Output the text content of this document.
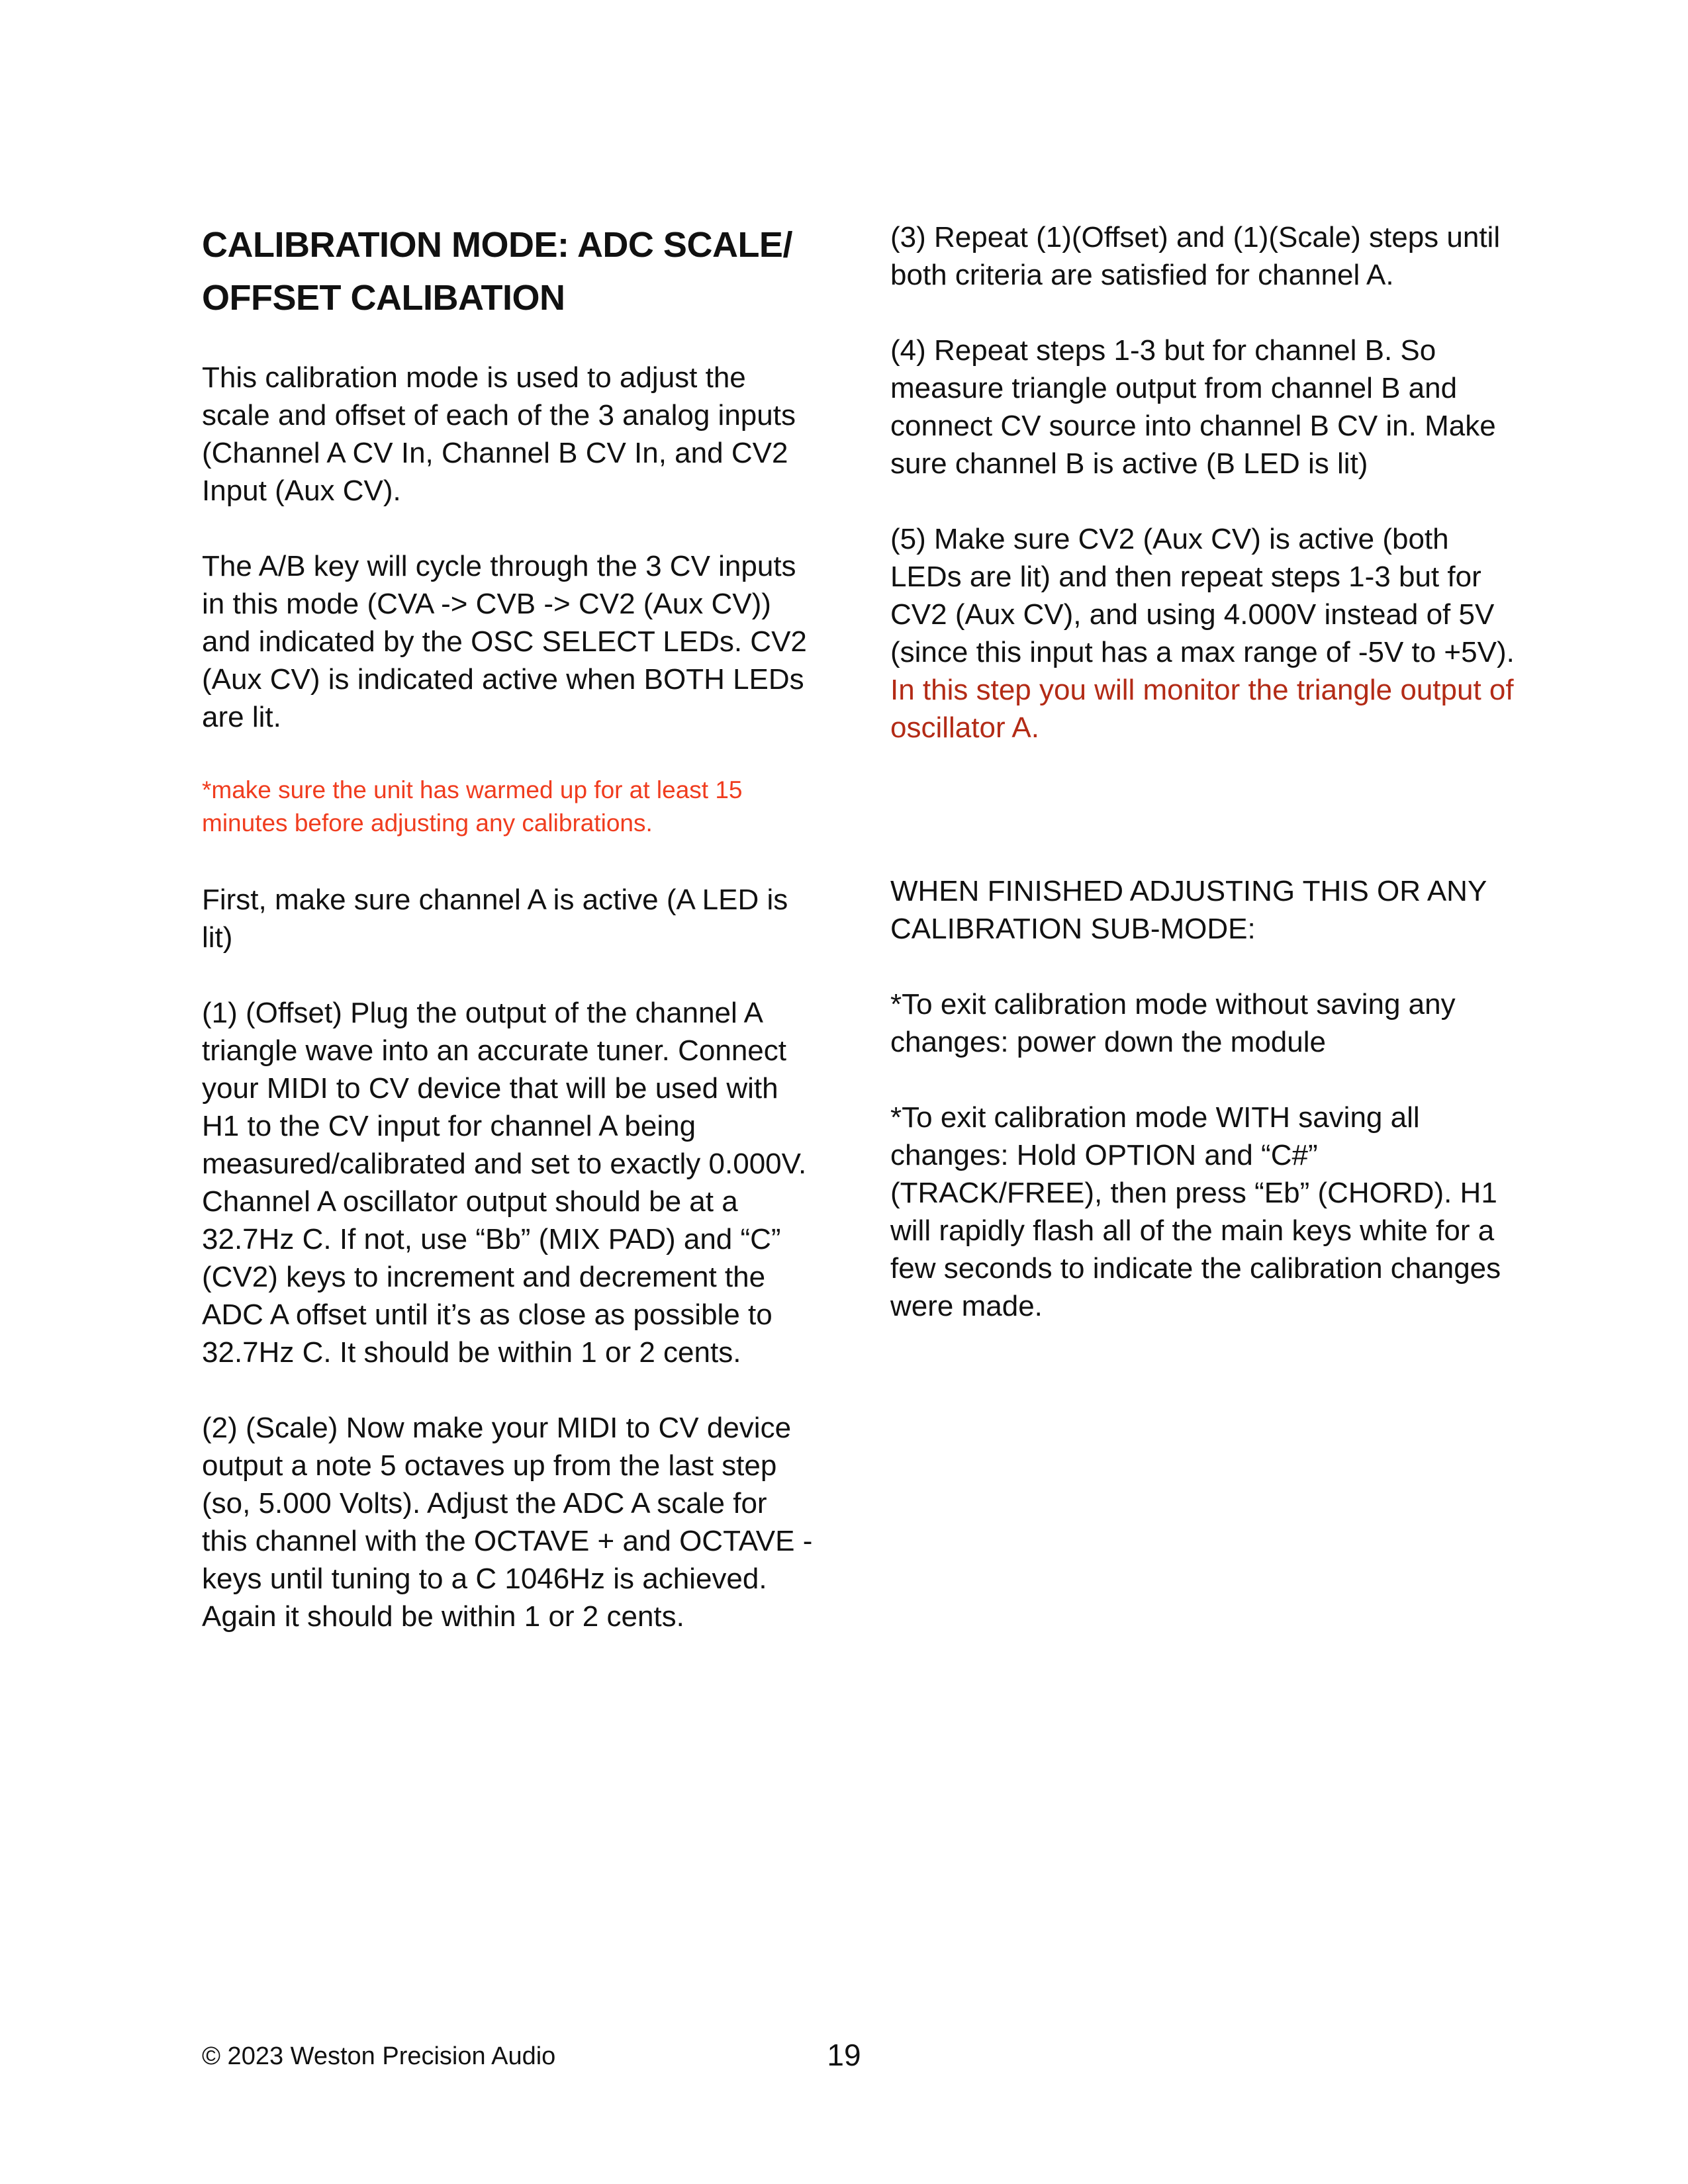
CALIBRATION MODE: ADC SCALE/
OFFSET CALIBATION

This calibration mode is used to adjust the scale and offset of each of the 3 analog inputs (Channel A CV In, Channel B CV In, and CV2 Input (Aux CV).

The A/B key will cycle through the 3 CV inputs in this mode (CVA -> CVB -> CV2 (Aux CV)) and indicated by the OSC SELECT LEDs. CV2 (Aux CV) is indicated active when BOTH LEDs are lit.

*make sure the unit has warmed up for at least 15 minutes before adjusting any calibrations.

First, make sure channel A is active (A LED is lit)

(1) (Offset) Plug the output of the channel A  triangle wave into an accurate tuner. Connect your MIDI to CV device that will be used with H1 to the CV input for channel A being measured/calibrated and set to exactly 0.000V. Channel A oscillator output should be at a 32.7Hz C. If not, use “Bb” (MIX PAD) and “C” (CV2) keys to increment and decrement the ADC A offset until it’s as close as possible to 32.7Hz C. It should be within 1 or 2 cents.

(2) (Scale) Now make your MIDI to CV device output a note 5 octaves up from the last step (so, 5.000 Volts). Adjust the ADC A scale for this channel with the OCTAVE + and OCTAVE - keys until tuning to a C 1046Hz is achieved. Again it should be within 1 or 2 cents.

(3) Repeat (1)(Offset) and (1)(Scale) steps until both criteria are satisfied for channel A.

(4) Repeat steps 1-3 but for channel B. So measure triangle output from channel B and connect CV source into channel B CV in. Make sure channel B is active (B LED is lit)

(5) Make sure CV2 (Aux CV) is active (both LEDs are lit) and then repeat steps 1-3 but for CV2 (Aux CV), and using 4.000V instead of 5V (since this input has a max range of -5V to +5V). In this step you will monitor the triangle output of oscillator A.

WHEN FINISHED ADJUSTING THIS OR ANY CALIBRATION SUB-MODE:

*To exit calibration mode without saving any changes: power down the module

*To exit calibration mode WITH saving all changes: Hold OPTION and “C#” (TRACK/FREE), then press “Eb” (CHORD). H1 will rapidly flash all of the main keys white for a few seconds to indicate the calibration changes were made.

© 2023 Weston Precision Audio	19
